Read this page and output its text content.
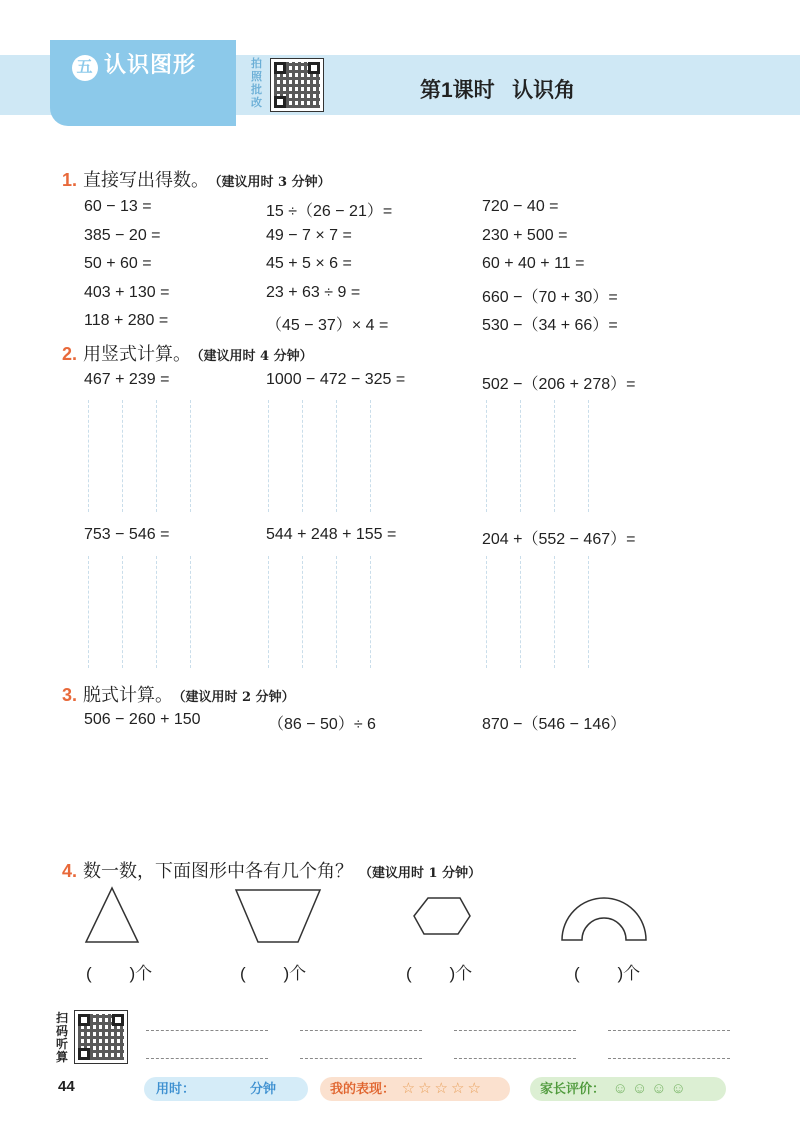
五 认识图形	拍照批改
第1课时   认识角
1. 直接写出得数。 （建议用时 3 分钟）
60 − 13 =
385 − 20 =
50 + 60 =
403 + 130 =
118 + 280 =
15 ÷（26 − 21）=
49 − 7 × 7 =
45 + 5 × 6 =
23 + 63 ÷ 9 =
（45 − 37）× 4 =
720 − 40 =
230 + 500 =
60 + 40 + 11 =
660 −（70 + 30）=
530 −（34 + 66）=
2. 用竖式计算。 （建议用时 4 分钟）
467 + 239 =	1000 − 472 − 325 =	502 −（206 + 278）=
753 − 546 =	544 + 248 + 155 =	204 +（552 − 467）=
3. 脱式计算。 （建议用时 2 分钟）
506 − 260 + 150	（86 − 50）÷ 6	870 −（546 − 146）
4. 数一数，下面图形中各有几个角？ （建议用时 1 分钟）
(        )个	(        )个	(        )个	(        )个
扫码听算
44	用时：	分钟	我的表现： ☆ ☆ ☆ ☆ ☆	家长评价： ☺ ☺ ☺ ☺
